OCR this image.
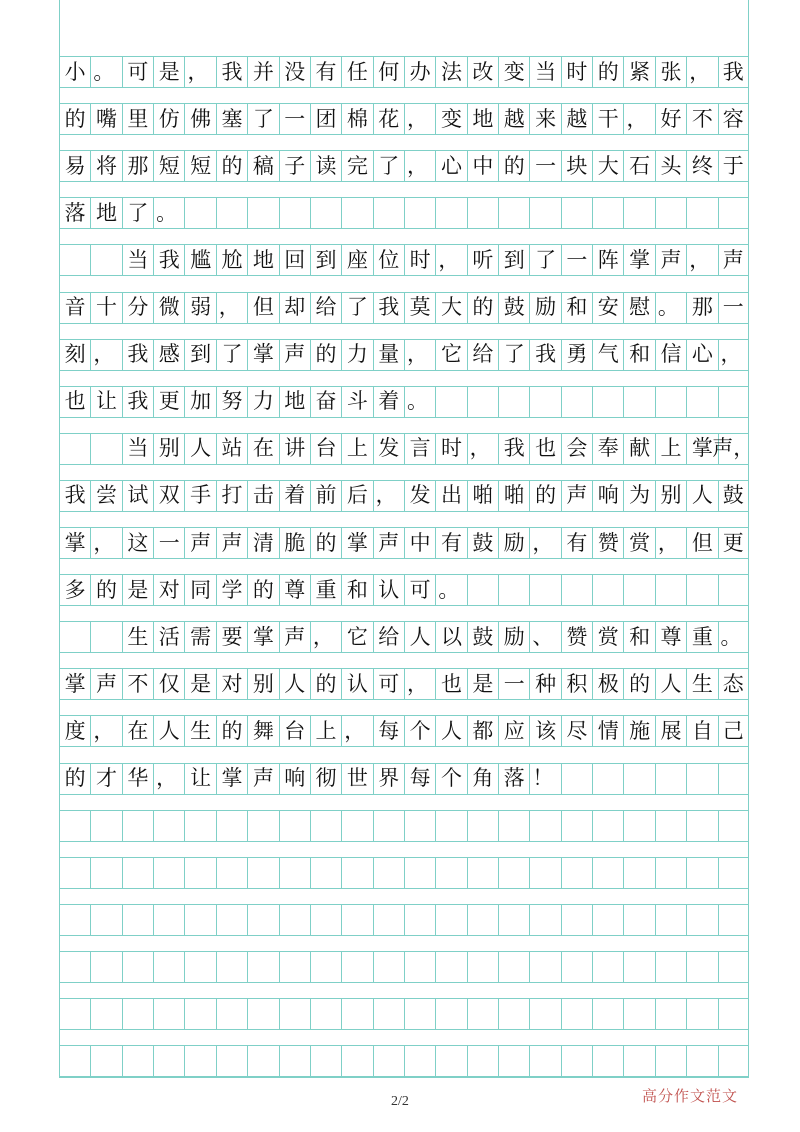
小 。 可 是 ， 我 并 没 有 任 何 办 法 改 变 当 时 的 紧 张 ， 我
的 嘴 里 仿 佛 塞 了 一 团 棉 花 ， 变 地 越 来 越 干 ， 好 不 容
易 将 那 短 短 的 稿 子 读 完 了 ， 心 中 的 一 块 大 石 头 终 于
落 地 了 。
当 我 尴 尬 地 回 到 座 位 时 ， 听 到 了 一 阵 掌 声 ， 声
音 十 分 微 弱 ， 但 却 给 了 我 莫 大 的 鼓 励 和 安 慰 。 那 一
刻 ， 我 感 到 了 掌 声 的 力 量 ， 它 给 了 我 勇 气 和 信 心 ，
也 让 我 更 加 努 力 地 奋 斗 着 。
当 别 人 站 在 讲 台 上 发 言 时 ， 我 也 会 奉 献 上 掌 声，
我 尝 试 双 手 打 击 着 前 后 ， 发 出 啪 啪 的 声 响 为 别 人 鼓
掌 ， 这 一 声 声 清 脆 的 掌 声 中 有 鼓 励 ， 有 赞 赏 ， 但 更
多 的 是 对 同 学 的 尊 重 和 认 可 。
生 活 需 要 掌 声 ， 它 给 人 以 鼓 励 、 赞 赏 和 尊 重 。
掌 声 不 仅 是 对 别 人 的 认 可 ， 也 是 一 种 积 极 的 人 生 态
度 ， 在 人 生 的 舞 台 上 ， 每 个 人 都 应 该 尽 情 施 展 自 己
的 才 华 ， 让 掌 声 响 彻 世 界 每 个 角 落 ！
2/2	高分作文范文
